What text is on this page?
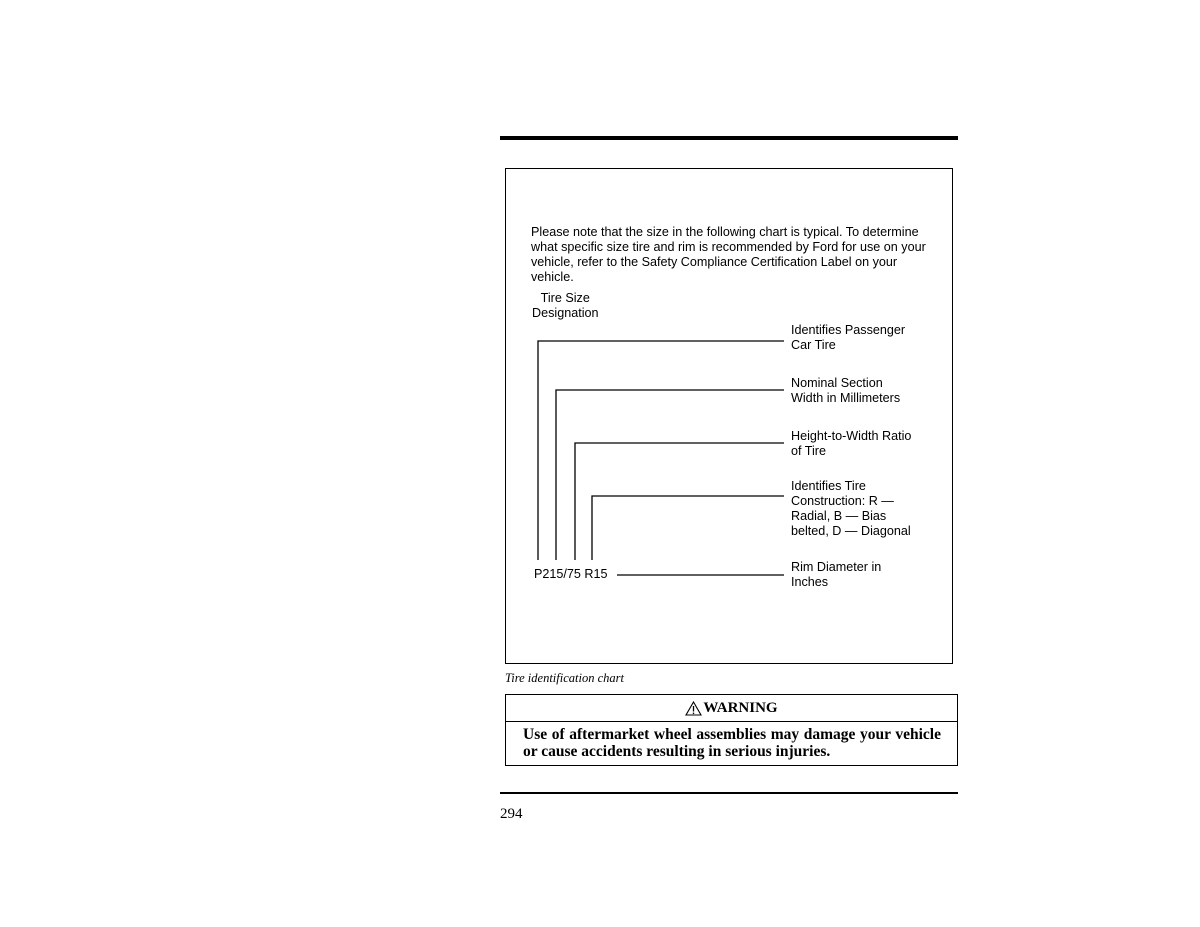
Please note that the size in the following chart is typical. To determine what specific size tire and rim is recommended by Ford for use on your vehicle, refer to the Safety Compliance Certification Label on your vehicle.

Tire Size
Designation
Identifies Passenger
Car Tire
Nominal Section
Width in Millimeters
Height-to-Width Ratio
of Tire
Identifies Tire
Construction: R —
Radial, B — Bias
belted, D — Diagonal
Rim Diameter in
Inches
P215/75 R15
Tire identification chart
WARNING

Use of aftermarket wheel assemblies may damage your vehicle or cause accidents resulting in serious injuries.

294
